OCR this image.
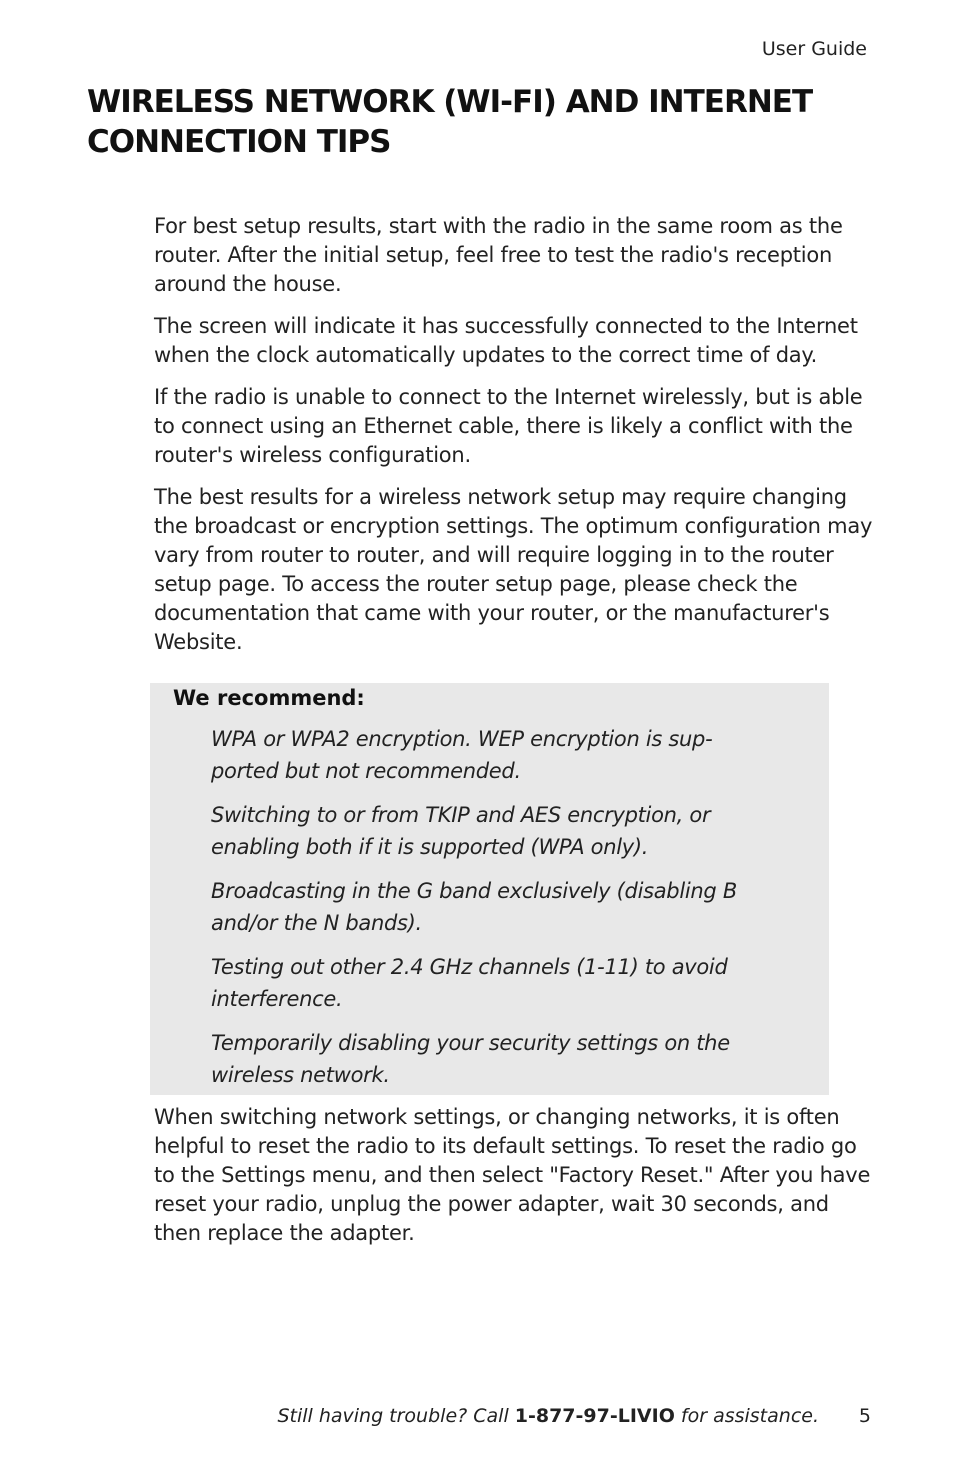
User Guide
WIRELESS NETWORK (WI-FI) AND INTERNET CONNECTION TIPS

For best setup results, start with the radio in the same room as the router. After the initial setup, feel free to test the radio's reception around the house.

The screen will indicate it has successfully connected to the Internet when the clock automatically updates to the correct time of day.

If the radio is unable to connect to the Internet wirelessly, but is able to connect using an Ethernet cable, there is likely a conflict with the router's wireless configuration.

The best results for a wireless network setup may require changing the broadcast or encryption settings. The optimum configuration may vary from router to router, and will require logging in to the router setup page. To access the router setup page, please check the documentation that came with your router, or the manufacturer's Website.

We recommend:
WPA or WPA2 encryption. WEP encryption is sup-ported but not recommended.
Switching to or from TKIP and AES encryption, or enabling both if it is supported (WPA only).
Broadcasting in the G band exclusively (disabling B and/or the N bands).
Testing out other 2.4 GHz channels (1-11) to avoid interference.
Temporarily disabling your security settings on the wireless network.

When switching network settings, or changing networks, it is often helpful to reset the radio to its default settings. To reset the radio go to the Settings menu, and then select "Factory Reset." After you have reset your radio, unplug the power adapter, wait 30 seconds, and then replace the adapter.

Still having trouble? Call 1-877-97-LIVIO for assistance. 5
